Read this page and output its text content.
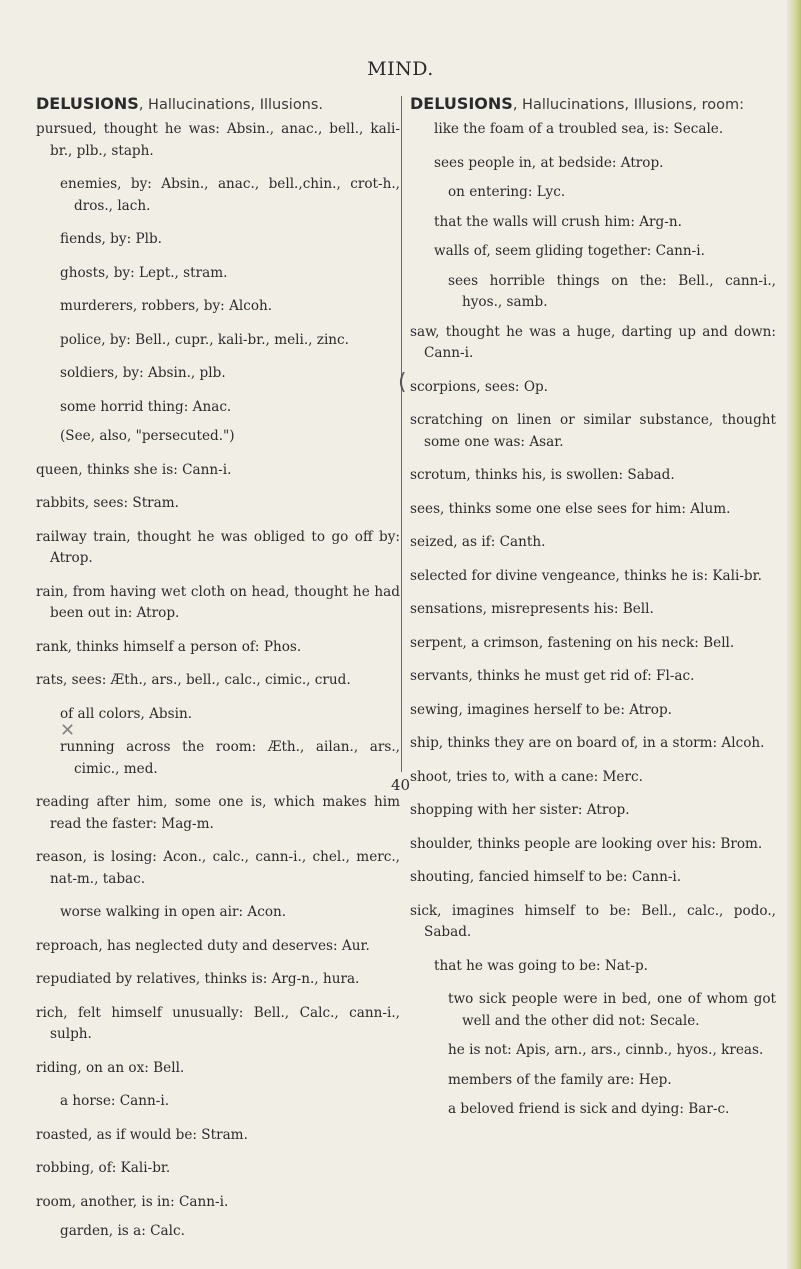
MIND.
DELUSIONS, Hallucinations, Illusions.
pursued, thought he was: Absin., anac., bell., kali-br., plb., staph.
enemies, by: Absin., anac., bell.,chin., crot-h., dros., lach.
fiends, by: Plb.
ghosts, by: Lept., stram.
murderers, robbers, by: Alcoh.
police, by: Bell., cupr., kali-br., meli., zinc.
soldiers, by: Absin., plb.
some horrid thing: Anac.
(See, also, "persecuted.")
queen, thinks she is: Cann-i.
rabbits, sees: Stram.
railway train, thought he was obliged to go off by: Atrop.
rain, from having wet cloth on head, thought he had been out in: Atrop.
rank, thinks himself a person of: Phos.
rats, sees: Æth., ars., bell., calc., cimic., crud.
of all colors, Absin.
running across the room: Æth., ailan., ars., cimic., med.
reading after him, some one is, which makes him read the faster: Mag-m.
reason, is losing: Acon., calc., cann-i., chel., merc., nat-m., tabac.
worse walking in open air: Acon.
reproach, has neglected duty and deserves: Aur.
repudiated by relatives, thinks is: Arg-n., hura.
rich, felt himself unusually: Bell., Calc., cann-i., sulph.
riding, on an ox: Bell.
a horse: Cann-i.
roasted, as if would be: Stram.
robbing, of: Kali-br.
room, another, is in: Cann-i.
garden, is a: Calc.
DELUSIONS, Hallucinations, Illusions, room:
like the foam of a troubled sea, is: Secale.
sees people in, at bedside: Atrop.
on entering: Lyc.
that the walls will crush him: Arg-n.
walls of, seem gliding together: Cann-i.
sees horrible things on the: Bell., cann-i., hyos., samb.
saw, thought he was a huge, darting up and down: Cann-i.
scorpions, sees: Op.
scratching on linen or similar substance, thought some one was: Asar.
scrotum, thinks his, is swollen: Sabad.
sees, thinks some one else sees for him: Alum.
seized, as if: Canth.
selected for divine vengeance, thinks he is: Kali-br.
sensations, misrepresents his: Bell.
serpent, a crimson, fastening on his neck: Bell.
servants, thinks he must get rid of: Fl-ac.
sewing, imagines herself to be: Atrop.
ship, thinks they are on board of, in a storm: Alcoh.
shoot, tries to, with a cane: Merc.
shopping with her sister: Atrop.
shoulder, thinks people are looking over his: Brom.
shouting, fancied himself to be: Cann-i.
sick, imagines himself to be: Bell., calc., podo., Sabad.
that he was going to be: Nat-p.
two sick people were in bed, one of whom got well and the other did not: Secale.
he is not: Apis, arn., ars., cinnb., hyos., kreas.
members of the family are: Hep.
a beloved friend is sick and dying: Bar-c.
40
(
✕
